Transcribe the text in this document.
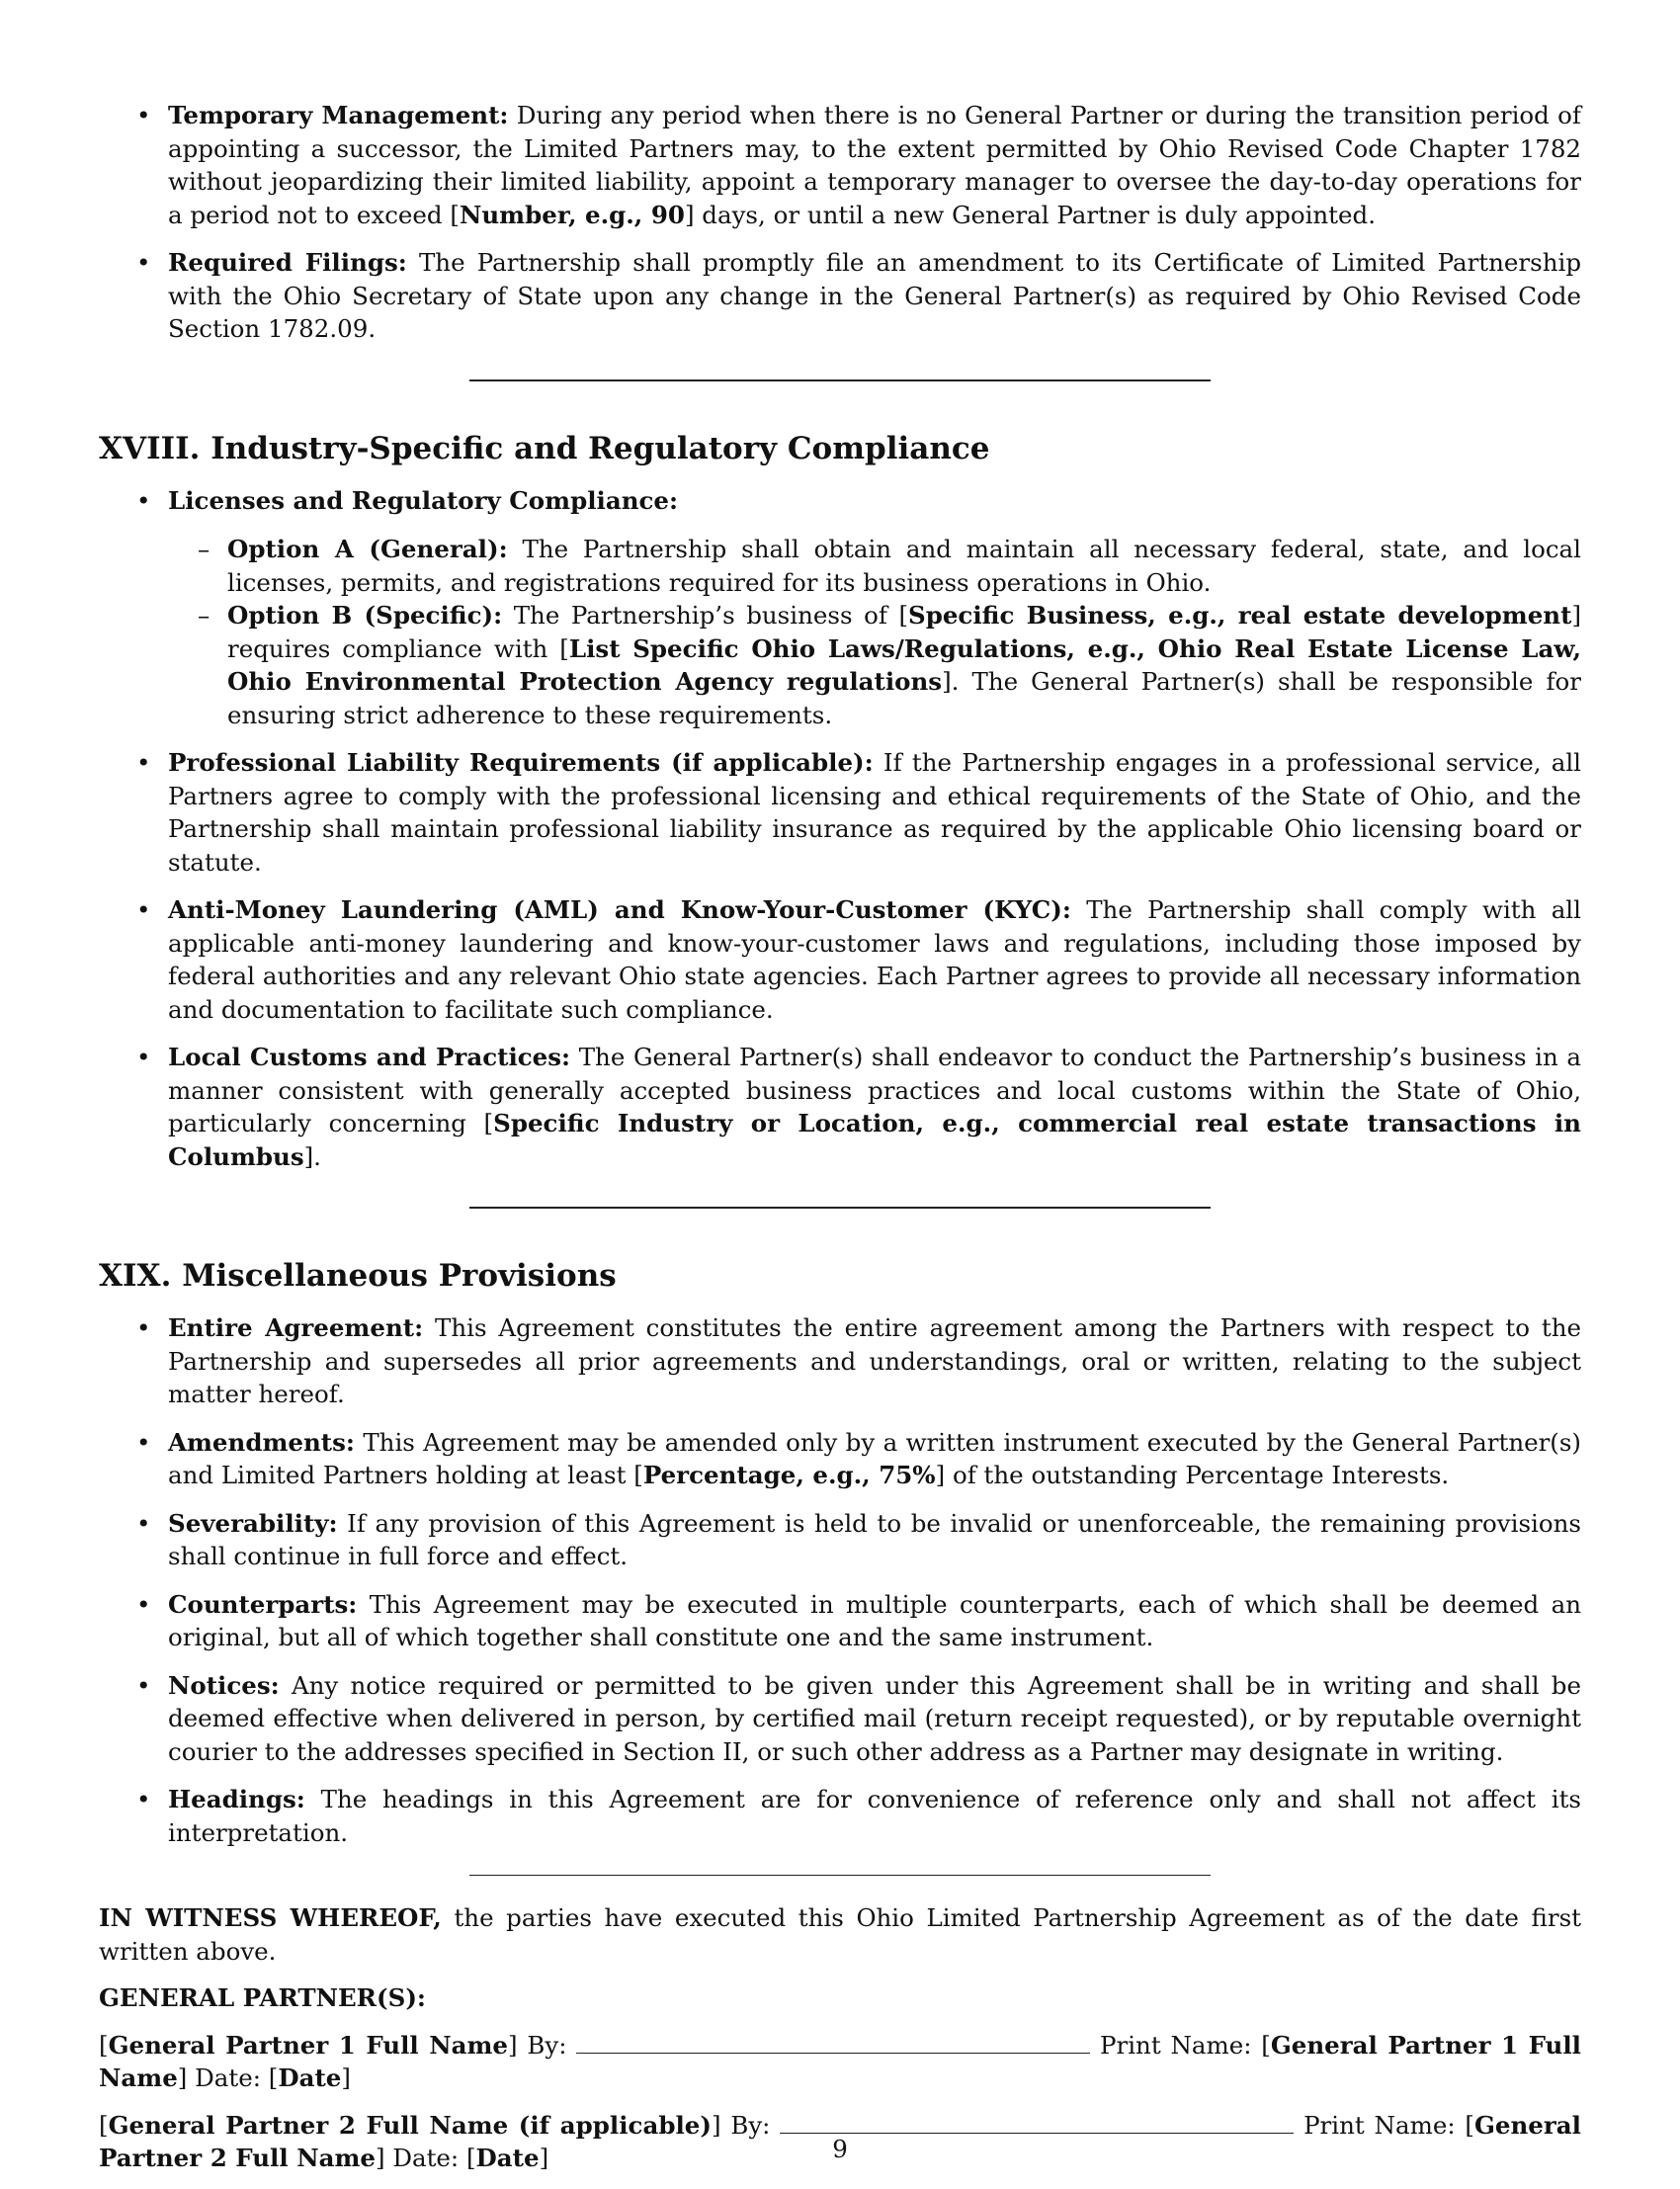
• Temporary Management: During any period when there is no General Partner or during the transition period of appointing a successor, the Limited Partners may, to the extent permitted by Ohio Revised Code Chapter 1782 without jeopardizing their limited liability, appoint a temporary manager to oversee the day-to-day operations for a period not to exceed [Number, e.g., 90] days, or until a new General Partner is duly appointed.
• Required Filings: The Partnership shall promptly file an amendment to its Certificate of Limited Partnership with the Ohio Secretary of State upon any change in the General Partner(s) as required by Ohio Revised Code Section 1782.09.
XVIII. Industry-Specific and Regulatory Compliance
• Licenses and Regulatory Compliance:
– Option A (General): The Partnership shall obtain and maintain all necessary federal, state, and local licenses, permits, and registrations required for its business operations in Ohio.
– Option B (Specific): The Partnership’s business of [Specific Business, e.g., real estate development] requires compliance with [List Specific Ohio Laws/Regulations, e.g., Ohio Real Estate License Law, Ohio Environmental Protection Agency regulations]. The General Partner(s) shall be responsible for ensuring strict adherence to these requirements.
• Professional Liability Requirements (if applicable): If the Partnership engages in a professional service, all Partners agree to comply with the professional licensing and ethical requirements of the State of Ohio, and the Partnership shall maintain professional liability insurance as required by the applicable Ohio licensing board or statute.
• Anti-Money Laundering (AML) and Know-Your-Customer (KYC): The Partnership shall comply with all applicable anti-money laundering and know-your-customer laws and regulations, including those imposed by federal authorities and any relevant Ohio state agencies. Each Partner agrees to provide all necessary information and documentation to facilitate such compliance.
• Local Customs and Practices: The General Partner(s) shall endeavor to conduct the Partnership’s business in a manner consistent with generally accepted business practices and local customs within the State of Ohio, particularly concerning [Specific Industry or Location, e.g., commercial real estate transactions in Columbus].
XIX. Miscellaneous Provisions
• Entire Agreement: This Agreement constitutes the entire agreement among the Partners with respect to the Partnership and supersedes all prior agreements and understandings, oral or written, relating to the subject matter hereof.
• Amendments: This Agreement may be amended only by a written instrument executed by the General Partner(s) and Limited Partners holding at least [Percentage, e.g., 75%] of the outstanding Percentage Interests.
• Severability: If any provision of this Agreement is held to be invalid or unenforceable, the remaining provisions shall continue in full force and effect.
• Counterparts: This Agreement may be executed in multiple counterparts, each of which shall be deemed an original, but all of which together shall constitute one and the same instrument.
• Notices: Any notice required or permitted to be given under this Agreement shall be in writing and shall be deemed effective when delivered in person, by certified mail (return receipt requested), or by reputable overnight courier to the addresses specified in Section II, or such other address as a Partner may designate in writing.
• Headings: The headings in this Agreement are for convenience of reference only and shall not affect its interpretation.

IN WITNESS WHEREOF, the parties have executed this Ohio Limited Partnership Agreement as of the date first written above.

GENERAL PARTNER(S):

[General Partner 1 Full Name] By:	Print Name: [General Partner 1 Full Name] Date: [Date]

[General Partner 2 Full Name (if applicable)] By:	Print Name: [General Partner 2 Full Name] Date: [Date]	9
